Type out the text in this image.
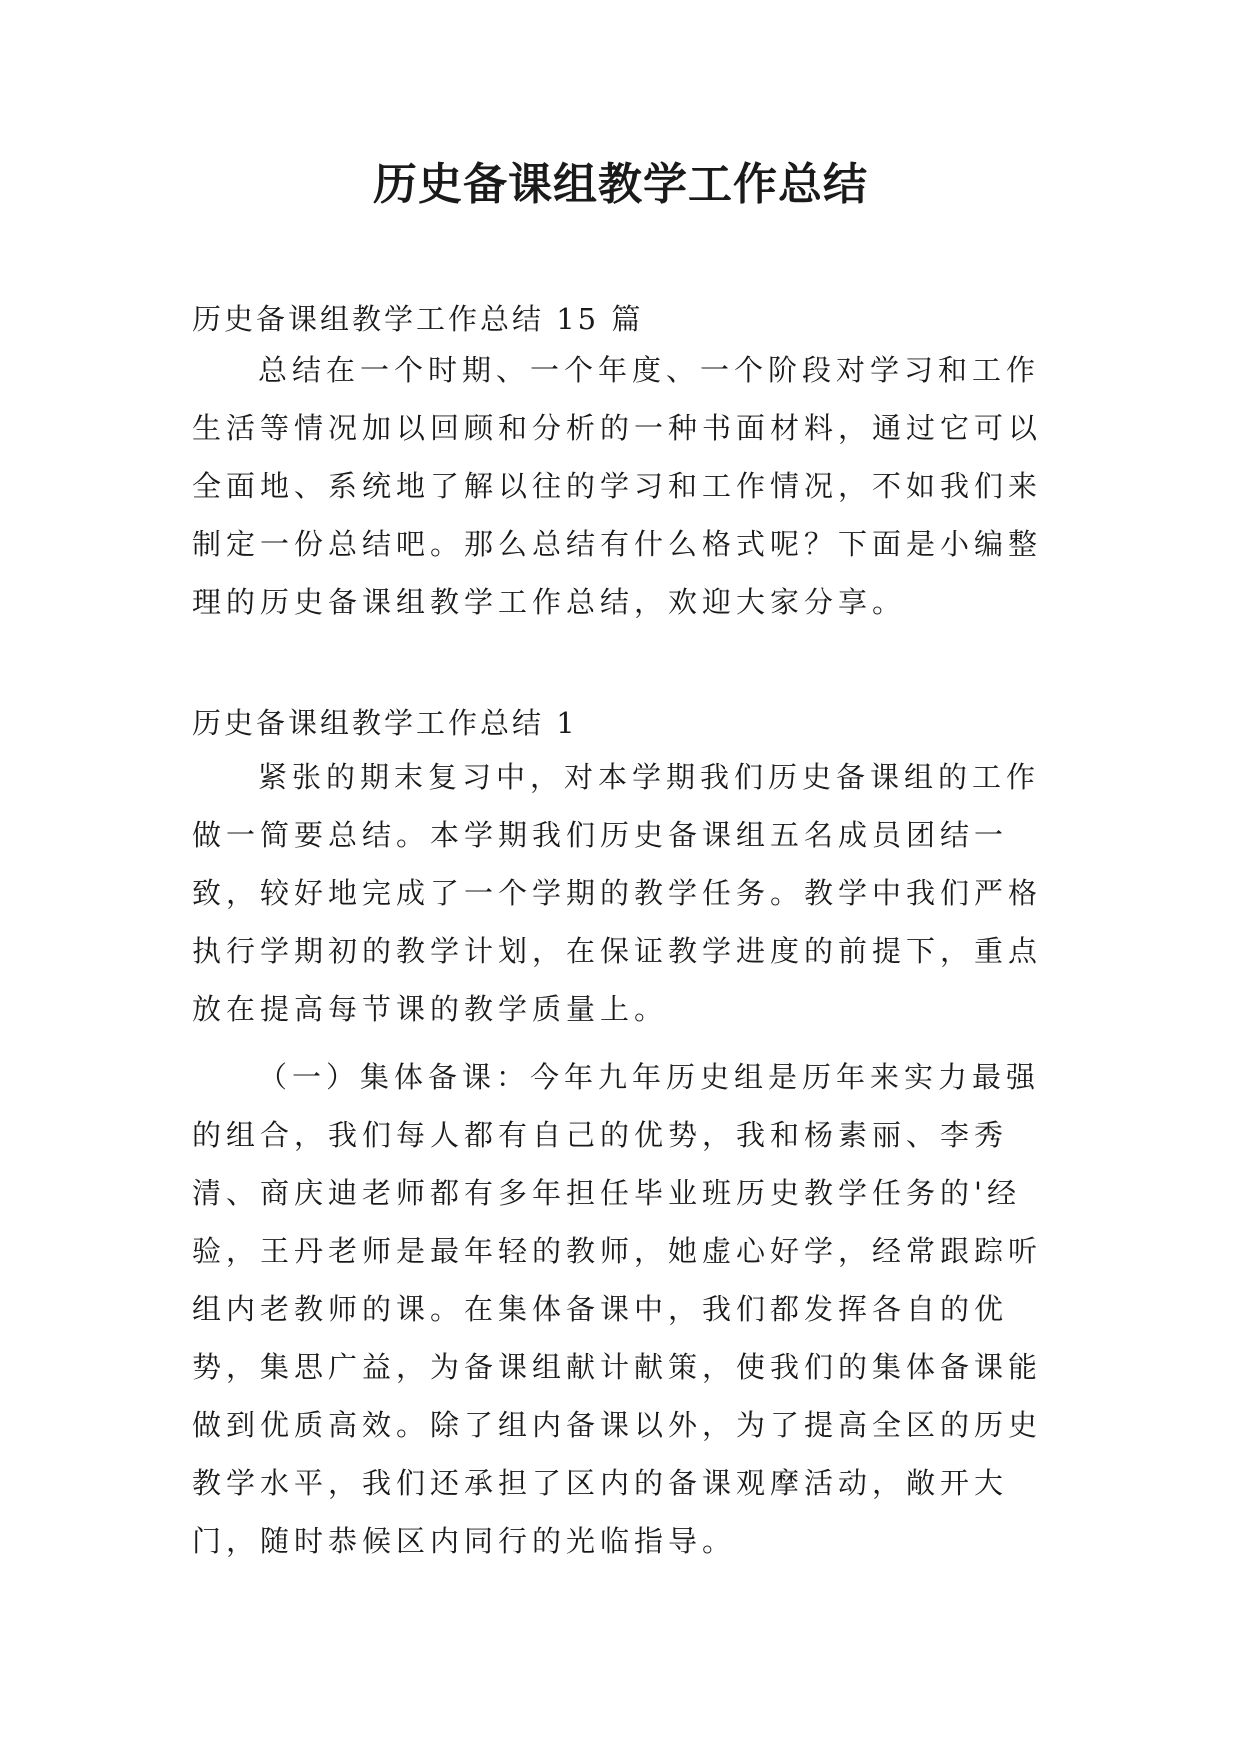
历史备课组教学工作总结

历史备课组教学工作总结 15 篇

总结在一个时期、一个年度、一个阶段对学习和工作生活等情况加以回顾和分析的一种书面材料，通过它可以全面地、系统地了解以往的学习和工作情况，不如我们来制定一份总结吧。那么总结有什么格式呢？下面是小编整理的历史备课组教学工作总结，欢迎大家分享。

历史备课组教学工作总结 1

紧张的期末复习中，对本学期我们历史备课组的工作做一简要总结。本学期我们历史备课组五名成员团结一致，较好地完成了一个学期的教学任务。教学中我们严格执行学期初的教学计划，在保证教学进度的前提下，重点放在提高每节课的教学质量上。

（一）集体备课：今年九年历史组是历年来实力最强的组合，我们每人都有自己的优势，我和杨素丽、李秀清、商庆迪老师都有多年担任毕业班历史教学任务的'经验，王丹老师是最年轻的教师，她虚心好学，经常跟踪听组内老教师的课。在集体备课中，我们都发挥各自的优势，集思广益，为备课组献计献策，使我们的集体备课能做到优质高效。除了组内备课以外，为了提高全区的历史教学水平，我们还承担了区内的备课观摩活动，敞开大门，随时恭候区内同行的光临指导。
